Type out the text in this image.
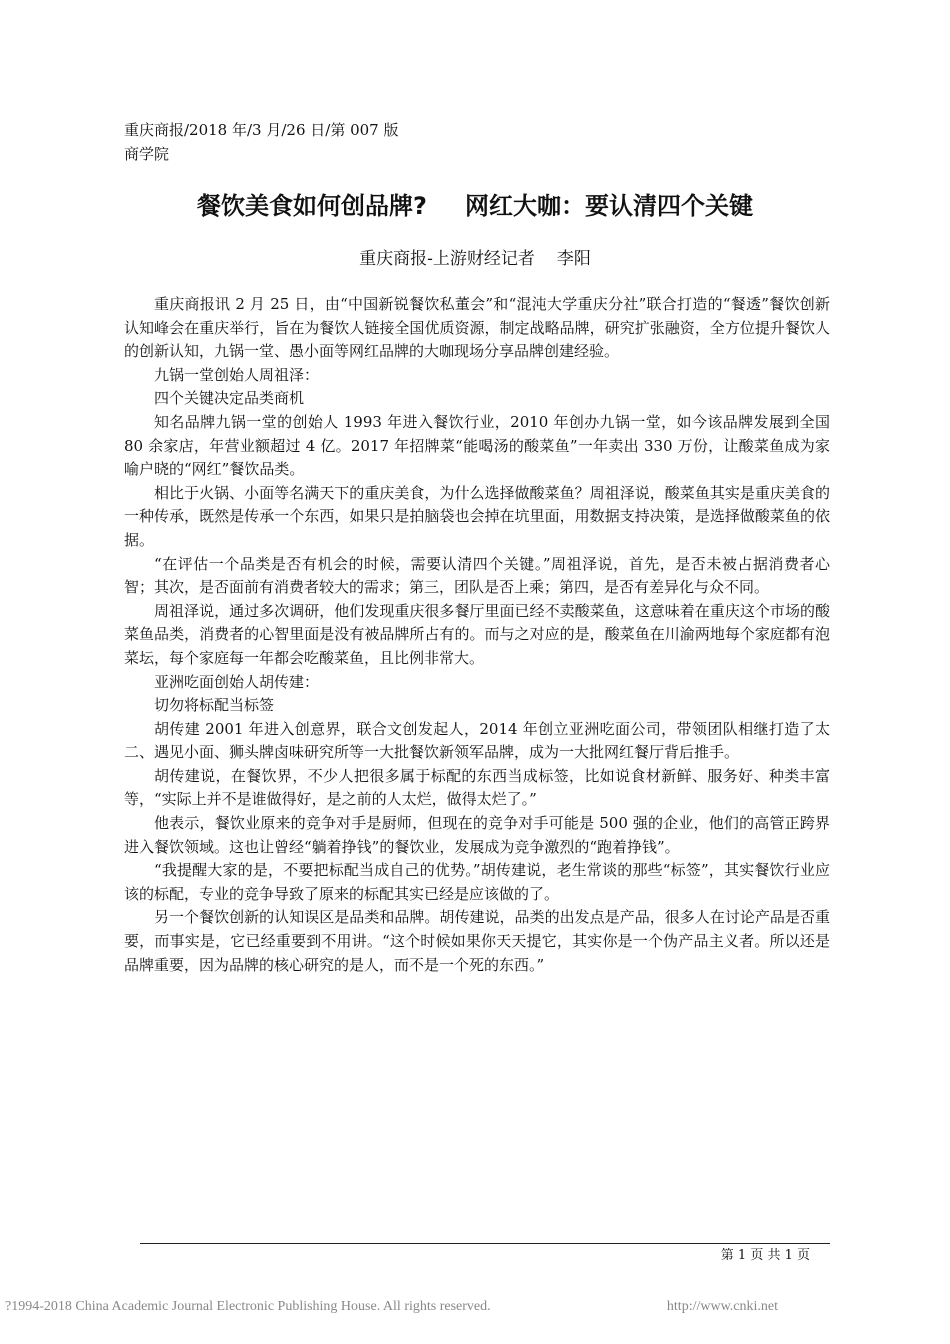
重庆商报/2018 年/3 月/26 日/第 007 版
商学院
餐饮美食如何创品牌? 网红大咖：要认清四个关键
重庆商报-上游财经记者 李阳

重庆商报讯 2 月 25 日，由“中国新锐餐饮私董会”和“混沌大学重庆分社”联合打造的“餐透”餐饮创新认知峰会在重庆举行，旨在为餐饮人链接全国优质资源，制定战略品牌，研究扩张融资，全方位提升餐饮人的创新认知，九锅一堂、愚小面等网红品牌的大咖现场分享品牌创建经验。

九锅一堂创始人周祖泽：

四个关键决定品类商机

知名品牌九锅一堂的创始人 1993 年进入餐饮行业，2010 年创办九锅一堂，如今该品牌发展到全国 80 余家店，年营业额超过 4 亿。2017 年招牌菜“能喝汤的酸菜鱼”一年卖出 330 万份，让酸菜鱼成为家喻户晓的“网红”餐饮品类。

相比于火锅、小面等名满天下的重庆美食，为什么选择做酸菜鱼？周祖泽说，酸菜鱼其实是重庆美食的一种传承，既然是传承一个东西，如果只是拍脑袋也会掉在坑里面，用数据支持决策，是选择做酸菜鱼的依据。

“在评估一个品类是否有机会的时候，需要认清四个关键。”周祖泽说，首先，是否未被占据消费者心智；其次，是否面前有消费者较大的需求；第三，团队是否上乘；第四，是否有差异化与众不同。

周祖泽说，通过多次调研，他们发现重庆很多餐厅里面已经不卖酸菜鱼，这意味着在重庆这个市场的酸菜鱼品类，消费者的心智里面是没有被品牌所占有的。而与之对应的是，酸菜鱼在川渝两地每个家庭都有泡菜坛，每个家庭每一年都会吃酸菜鱼，且比例非常大。

亚洲吃面创始人胡传建：

切勿将标配当标签

胡传建 2001 年进入创意界，联合文创发起人，2014 年创立亚洲吃面公司，带领团队相继打造了太二、遇见小面、狮头牌卤味研究所等一大批餐饮新领军品牌，成为一大批网红餐厅背后推手。

胡传建说，在餐饮界，不少人把很多属于标配的东西当成标签，比如说食材新鲜、服务好、种类丰富等，“实际上并不是谁做得好，是之前的人太烂，做得太烂了。”

他表示，餐饮业原来的竞争对手是厨师，但现在的竞争对手可能是 500 强的企业，他们的高管正跨界进入餐饮领域。这也让曾经“躺着挣钱”的餐饮业，发展成为竞争激烈的“跑着挣钱”。

“我提醒大家的是，不要把标配当成自己的优势。”胡传建说，老生常谈的那些“标签”，其实餐饮行业应该的标配，专业的竞争导致了原来的标配其实已经是应该做的了。

另一个餐饮创新的认知误区是品类和品牌。胡传建说，品类的出发点是产品，很多人在讨论产品是否重要，而事实是，它已经重要到不用讲。“这个时候如果你天天提它，其实你是一个伪产品主义者。所以还是品牌重要，因为品牌的核心研究的是人，而不是一个死的东西。”

第 1 页 共 1 页
?1994-2018 China Academic Journal Electronic Publishing House. All rights reserved.	http://www.cnki.net
